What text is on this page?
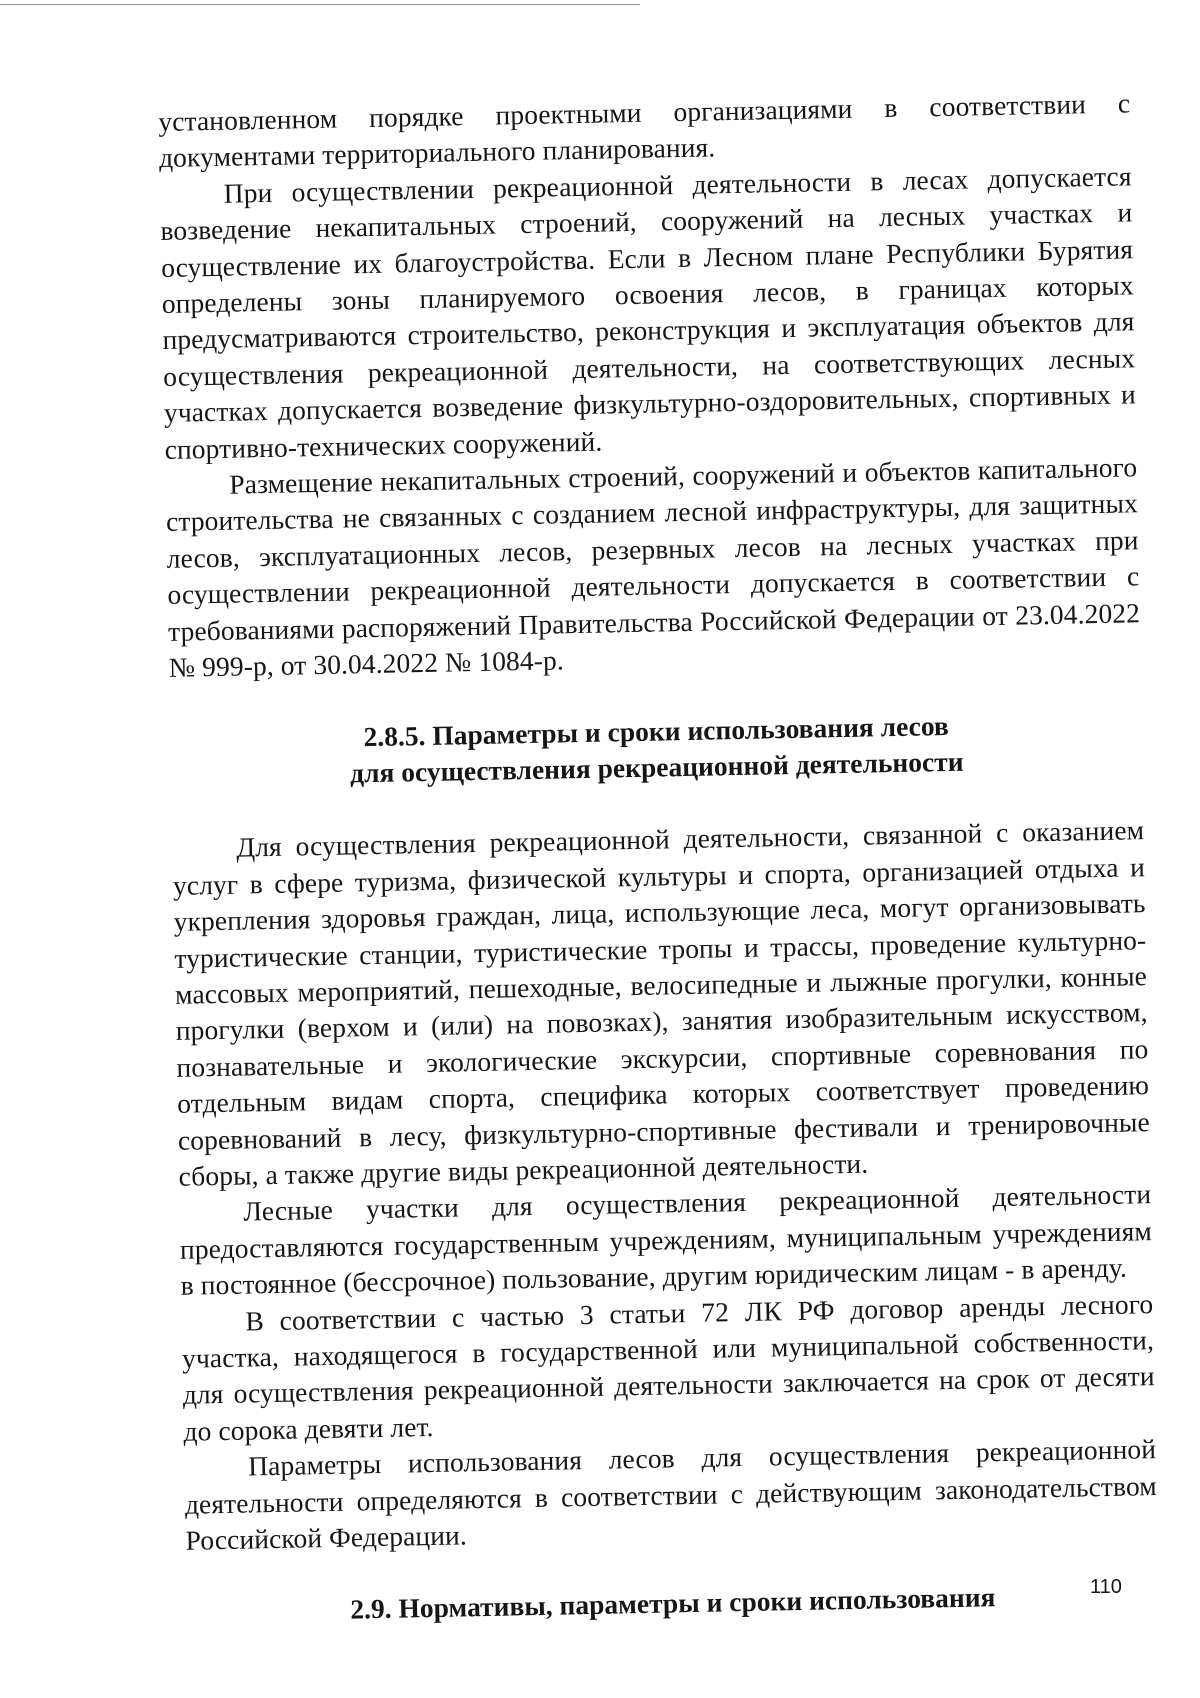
установленном порядке проектными организациями в соответствии с документами территориального планирования.

При осуществлении рекреационной деятельности в лесах допускается возведение некапитальных строений, сооружений на лесных участках и осуществление их благоустройства. Если в Лесном плане Республики Бурятия определены зоны планируемого освоения лесов, в границах которых предусматриваются строительство, реконструкция и эксплуатация объектов для осуществления рекреационной деятельности, на соответствующих лесных участках допускается возведение физкультурно-оздоровительных, спортивных и спортивно-технических сооружений.

Размещение некапитальных строений, сооружений и объектов капитального строительства не связанных с созданием лесной инфраструктуры, для защитных лесов, эксплуатационных лесов, резервных лесов на лесных участках при осуществлении рекреационной деятельности допускается в соответствии с требованиями распоряжений Правительства Российской Федерации от 23.04.2022 № 999-р, от 30.04.2022 № 1084-р.

2.8.5. Параметры и сроки использования лесов
для осуществления рекреационной деятельности

Для осуществления рекреационной деятельности, связанной с оказанием услуг в сфере туризма, физической культуры и спорта, организацией отдыха и укрепления здоровья граждан, лица, использующие леса, могут организовывать туристические станции, туристические тропы и трассы, проведение культурно-массовых мероприятий, пешеходные, велосипедные и лыжные прогулки, конные прогулки (верхом и (или) на повозках), занятия изобразительным искусством, познавательные и экологические экскурсии, спортивные соревнования по отдельным видам спорта, специфика которых соответствует проведению соревнований в лесу, физкультурно-спортивные фестивали и тренировочные сборы, а также другие виды рекреационной деятельности.

Лесные участки для осуществления рекреационной деятельности предоставляются государственным учреждениям, муниципальным учреждениям в постоянное (бессрочное) пользование, другим юридическим лицам - в аренду.

В соответствии с частью 3 статьи 72 ЛК РФ договор аренды лесного участка, находящегося в государственной или муниципальной собственности, для осуществления рекреационной деятельности заключается на срок от десяти до сорока девяти лет.

Параметры использования лесов для осуществления рекреационной деятельности определяются в соответствии с действующим законодательством Российской Федерации.

2.9. Нормативы, параметры и сроки использования	110
